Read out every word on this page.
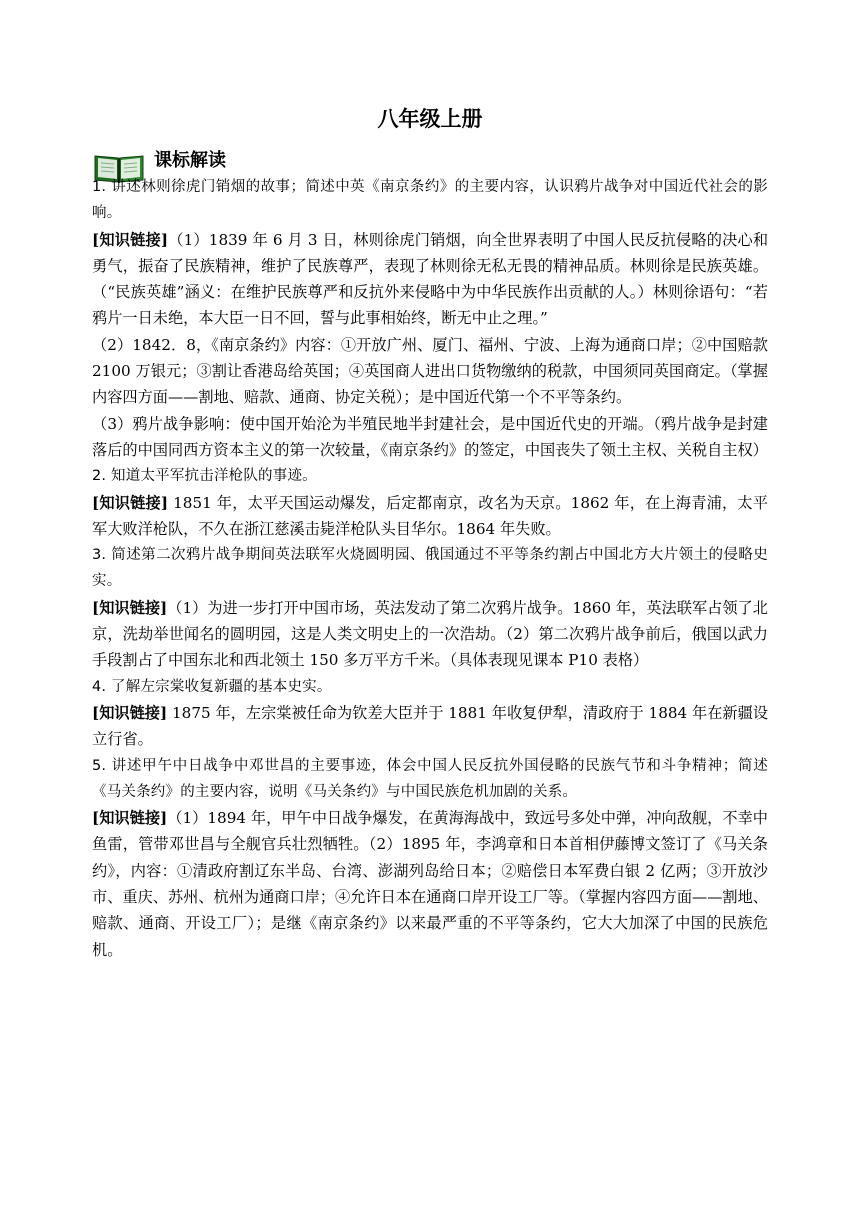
八年级上册
课标解读

1. 讲述林则徐虎门销烟的故事；简述中英《南京条约》的主要内容，认识鸦片战争对中国近代社会的影响。

[知识链接]（1）1839 年 6 月 3 日，林则徐虎门销烟，向全世界表明了中国人民反抗侵略的决心和勇气，振奋了民族精神，维护了民族尊严，表现了林则徐无私无畏的精神品质。林则徐是民族英雄。（“民族英雄”涵义：在维护民族尊严和反抗外来侵略中为中华民族作出贡献的人。）林则徐语句：“若鸦片一日未绝，本大臣一日不回，誓与此事相始终，断无中止之理。”

（2）1842．8，《南京条约》内容：①开放广州、厦门、福州、宁波、上海为通商口岸；②中国赔款 2100 万银元；③割让香港岛给英国；④英国商人进出口货物缴纳的税款，中国须同英国商定。（掌握内容四方面——割地、赔款、通商、协定关税）；是中国近代第一个不平等条约。

（3）鸦片战争影响：使中国开始沦为半殖民地半封建社会，是中国近代史的开端。（鸦片战争是封建落后的中国同西方资本主义的第一次较量，《南京条约》的签定，中国丧失了领土主权、关税自主权）

2. 知道太平军抗击洋枪队的事迹。

[知识链接] 1851 年，太平天国运动爆发，后定都南京，改名为天京。1862 年，在上海青浦，太平军大败洋枪队，不久在浙江慈溪击毙洋枪队头目华尔。1864 年失败。

3. 简述第二次鸦片战争期间英法联军火烧圆明园、俄国通过不平等条约割占中国北方大片领土的侵略史实。

[知识链接]（1）为进一步打开中国市场，英法发动了第二次鸦片战争。1860 年，英法联军占领了北京，洗劫举世闻名的圆明园，这是人类文明史上的一次浩劫。（2）第二次鸦片战争前后，俄国以武力手段割占了中国东北和西北领土 150 多万平方千米。（具体表现见课本 P10 表格）

4. 了解左宗棠收复新疆的基本史实。

[知识链接] 1875 年，左宗棠被任命为钦差大臣并于 1881 年收复伊犁，清政府于 1884 年在新疆设立行省。

5. 讲述甲午中日战争中邓世昌的主要事迹，体会中国人民反抗外国侵略的民族气节和斗争精神；简述《马关条约》的主要内容，说明《马关条约》与中国民族危机加剧的关系。

[知识链接]（1）1894 年，甲午中日战争爆发，在黄海海战中，致远号多处中弹，冲向敌舰，不幸中鱼雷，管带邓世昌与全舰官兵壮烈牺牲。（2）1895 年，李鸿章和日本首相伊藤博文签订了《马关条约》，内容：①清政府割辽东半岛、台湾、澎湖列岛给日本；②赔偿日本军费白银 2 亿两；③开放沙市、重庆、苏州、杭州为通商口岸；④允许日本在通商口岸开设工厂等。（掌握内容四方面——割地、赔款、通商、开设工厂）；是继《南京条约》以来最严重的不平等条约，它大大加深了中国的民族危机。
